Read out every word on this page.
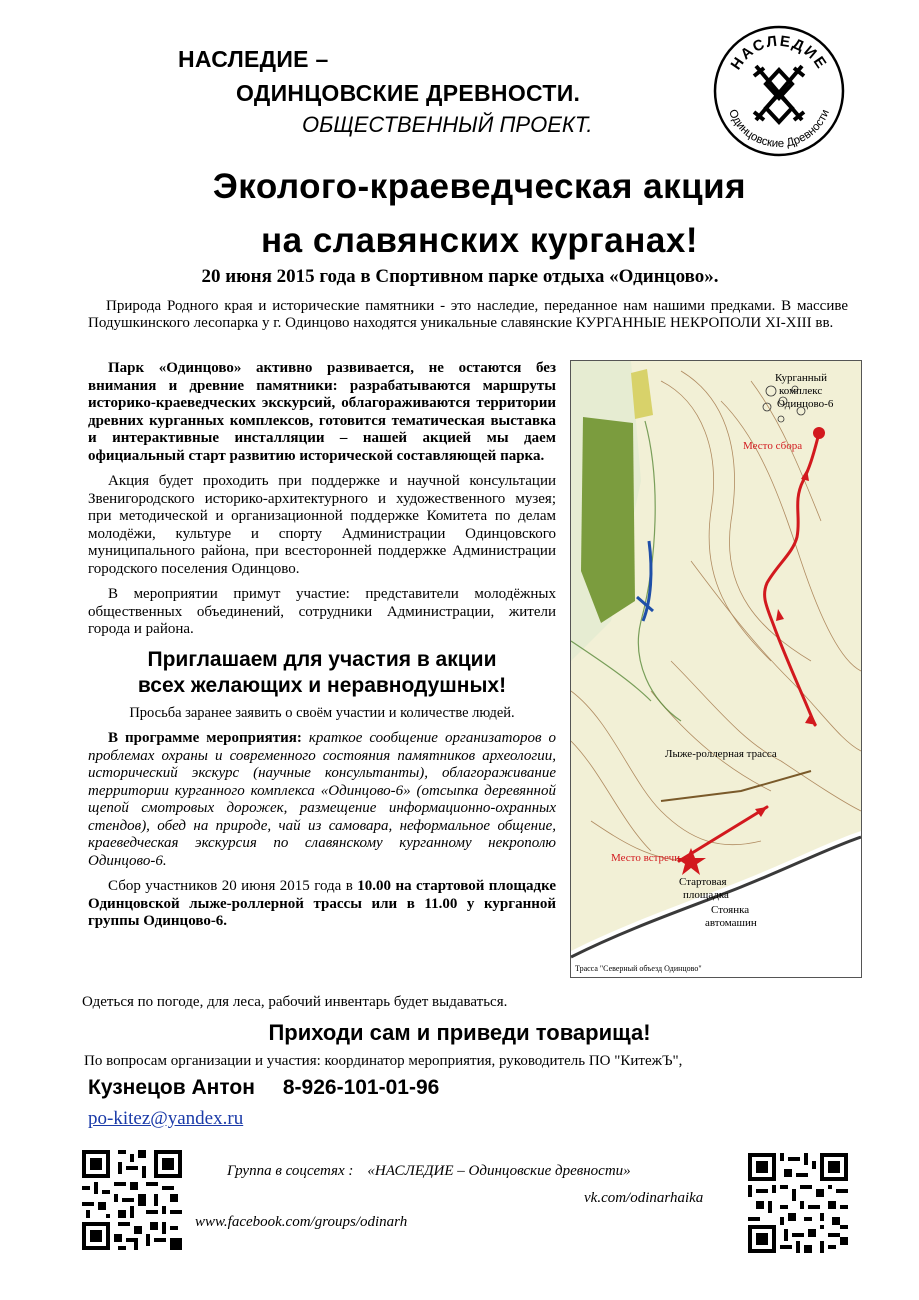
НАСЛЕДИЕ –
ОДИНЦОВСКИЕ ДРЕВНОСТИ.
ОБЩЕСТВЕННЫЙ ПРОЕКТ.
НАСЛЕДИЕ
Одинцовские Древности
Эколого-краеведческая акция
на славянских курганах!
20 июня 2015 года в Спортивном парке отдыха «Одинцово».
Природа Родного края и исторические памятники - это наследие, переданное нам нашими предками. В массиве Подушкинского лесопарка у г. Одинцово находятся уникальные славянские КУРГАННЫЕ НЕКРОПОЛИ XI-XIII вв.

Парк «Одинцово» активно развивается, не остаются без внимания и древние памятники: разрабатываются маршруты историко-краеведческих экскурсий, облагораживаются территории древних курганных комплексов, готовится тематическая выставка и интерактивные инсталляции – нашей акцией мы даем официальный старт развитию исторической составляющей парка.

Акция будет проходить при поддержке и научной консультации Звенигородского историко-архитектурного и художественного музея; при методической и организационной поддержке Комитета по делам молодёжи, культуре и спорту Администрации Одинцовского муниципального района, при всесторонней поддержке Администрации городского поселения Одинцово.

В мероприятии примут участие: представители молодёжных общественных объединений, сотрудники Администрации, жители города и района.

Приглашаем для участия в акции
всех желающих и неравнодушных!

Просьба заранее заявить о своём участии и количестве людей.

В программе мероприятия: краткое сообщение организаторов о проблемах охраны и современного состояния памятников археологии, исторический экскурс (научные консультанты), облагораживание территории курганного комплекса «Одинцово-6» (отсыпка деревянной щепой смотровых дорожек, размещение информационно-охранных стендов), обед на природе, чай из самовара, неформальное общение, краеведческая экскурсия по славянскому курганному некрополю Одинцово-6.

Сбор участников 20 июня 2015 года в 10.00 на стартовой площадке Одинцовской лыже-роллерной трассы или в 11.00 у курганной группы Одинцово-6.

Курганный
комплекс
Одинцово-6
Место сбора
Место встречи
Лыже-роллерная трасса
Стартовая
площадка
Стоянка
автомашин
Трасса "Северный объезд Одинцово"
Одеться по погоде, для леса, рабочий инвентарь будет выдаваться.
Приходи сам и приведи товарища!
По вопросам организации и участия: координатор мероприятия, руководитель ПО "КитежЪ",
Кузнецов Антон 8-926-101-01-96
po-kitez@yandex.ru
Группа в соцсетях : «НАСЛЕДИЕ – Одинцовские древности»
vk.com/odinarhaika
www.facebook.com/groups/odinarh
